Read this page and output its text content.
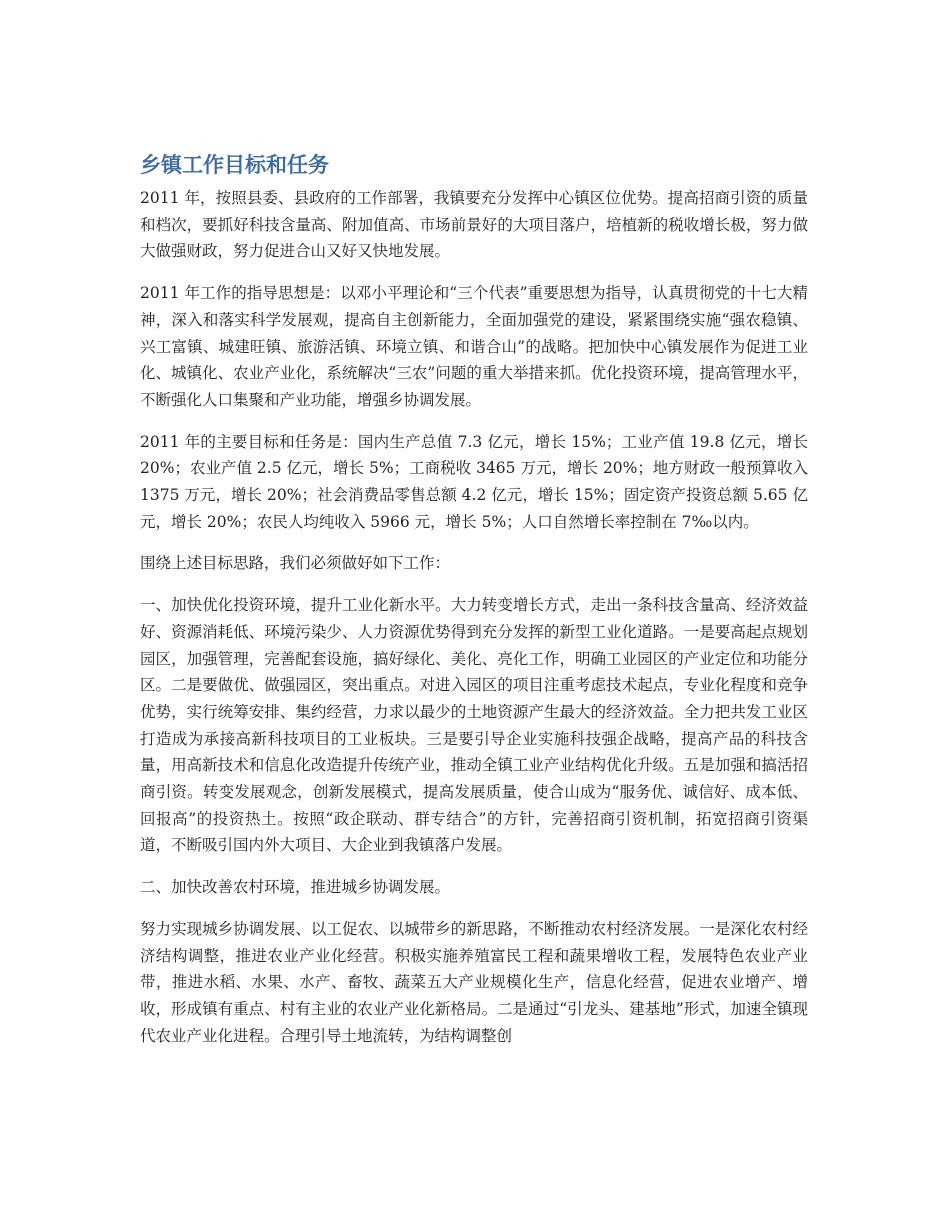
乡镇工作目标和任务

2011 年，按照县委、县政府的工作部署，我镇要充分发挥中心镇区位优势。提高招商引资的质量和档次，要抓好科技含量高、附加值高、市场前景好的大项目落户，培植新的税收增长极，努力做大做强财政，努力促进合山又好又快地发展。

2011 年工作的指导思想是：以邓小平理论和“三个代表”重要思想为指导，认真贯彻党的十七大精神，深入和落实科学发展观，提高自主创新能力，全面加强党的建设，紧紧围绕实施“强农稳镇、兴工富镇、城建旺镇、旅游活镇、环境立镇、和谐合山”的战略。把加快中心镇发展作为促进工业化、城镇化、农业产业化，系统解决“三农”问题的重大举措来抓。优化投资环境，提高管理水平，不断强化人口集聚和产业功能，增强乡协调发展。

2011 年的主要目标和任务是：国内生产总值 7.3 亿元，增长 15%；工业产值 19.8 亿元，增长 20%；农业产值 2.5 亿元，增长 5%；工商税收 3465 万元，增长 20%；地方财政一般预算收入 1375 万元，增长 20%；社会消费品零售总额 4.2 亿元，增长 15%；固定资产投资总额 5.65 亿元，增长 20%；农民人均纯收入 5966 元，增长 5%；人口自然增长率控制在 7‰以内。

围绕上述目标思路，我们必须做好如下工作：

一、加快优化投资环境，提升工业化新水平。大力转变增长方式，走出一条科技含量高、经济效益好、资源消耗低、环境污染少、人力资源优势得到充分发挥的新型工业化道路。一是要高起点规划园区，加强管理，完善配套设施，搞好绿化、美化、亮化工作，明确工业园区的产业定位和功能分区。二是要做优、做强园区，突出重点。对进入园区的项目注重考虑技术起点，专业化程度和竞争优势，实行统筹安排、集约经营，力求以最少的土地资源产生最大的经济效益。全力把共发工业区打造成为承接高新科技项目的工业板块。三是要引导企业实施科技强企战略，提高产品的科技含量，用高新技术和信息化改造提升传统产业，推动全镇工业产业结构优化升级。五是加强和搞活招商引资。转变发展观念，创新发展模式，提高发展质量，使合山成为“服务优、诚信好、成本低、回报高”的投资热土。按照“政企联动、群专结合”的方针，完善招商引资机制，拓宽招商引资渠道，不断吸引国内外大项目、大企业到我镇落户发展。

二、加快改善农村环境，推进城乡协调发展。

努力实现城乡协调发展、以工促农、以城带乡的新思路，不断推动农村经济发展。一是深化农村经济结构调整，推进农业产业化经营。积极实施养殖富民工程和蔬果增收工程，发展特色农业产业带，推进水稻、水果、水产、畜牧、蔬菜五大产业规模化生产，信息化经营，促进农业增产、增收，形成镇有重点、村有主业的农业产业化新格局。二是通过“引龙头、建基地”形式，加速全镇现代农业产业化进程。合理引导土地流转，为结构调整创
